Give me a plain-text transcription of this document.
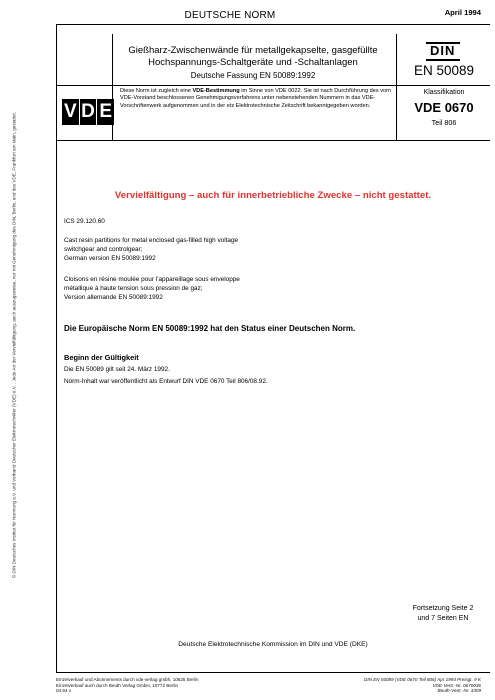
© DIN Deutsches Institut für Normung e.V. und Verband Deutscher Elektrotechniker (VDE) e.V. . Jede Art der Vervielfältigung, auch auszugsweise, nur mit Genehmigung des DIN, Berlin, und des VDE, Frankfurt am Main, gestattet.
DEUTSCHE NORM	April 1994
Gießharz-Zwischenwände für metallgekapselte, gasgefüllte
Hochspannungs-Schaltgeräte und -Schaltanlagen
Deutsche Fassung EN 50089:1992
DIN
EN 50089
V D E
Diese Norm ist zugleich eine VDE-Bestimmung im Sinne von VDE 0022. Sie ist nach Durchführung des vom VDE-Vorstand beschlossenen Genehmigungsverfahrens unter nebenstehenden Nummern in das VDE-Vorschriftenwerk aufgenommen und in der etz Elektrotechnische Zeitschrift bekanntgegeben worden.
Klassifikation
VDE 0670
Teil 806
Vervielfältigung – auch für innerbetriebliche Zwecke – nicht gestattet.
ICS 29.120.60
Cast resin partitions for metal enclosed gas-filled high voltage
switchgear and controlgear;
German version EN 50089:1992
Cloisons en résine moulée pour l’appareillage sous enveloppe
métallique à haute tension sous pression de gaz;
Version allemande EN 50089:1992
Die Europäische Norm EN 50089:1992 hat den Status einer Deutschen Norm.
Beginn der Gültigkeit
Die EN 50089 gilt seit 24. März 1992.
Norm-Inhalt war veröffentlicht als Entwurf DIN VDE 0670 Teil 806/08.92.
Fortsetzung Seite 2
und 7 Seiten EN
Deutsche Elektrotechnische Kommission im DIN und VDE (DKE)
Einzelverkauf und Abonnements durch vde-verlag gmbh, 10625 Berlin
Einzelverkauf auch durch Beuth Verlag GmbH, 10772 Berlin
04.94 v
DIN EN 50089 (VDE 0670 Teil 806) Apr 1994 Preisgr. 9 K
VDE-Vertr.-Nr. 0670036
Beuth-Vertr.-Nr. 3309
